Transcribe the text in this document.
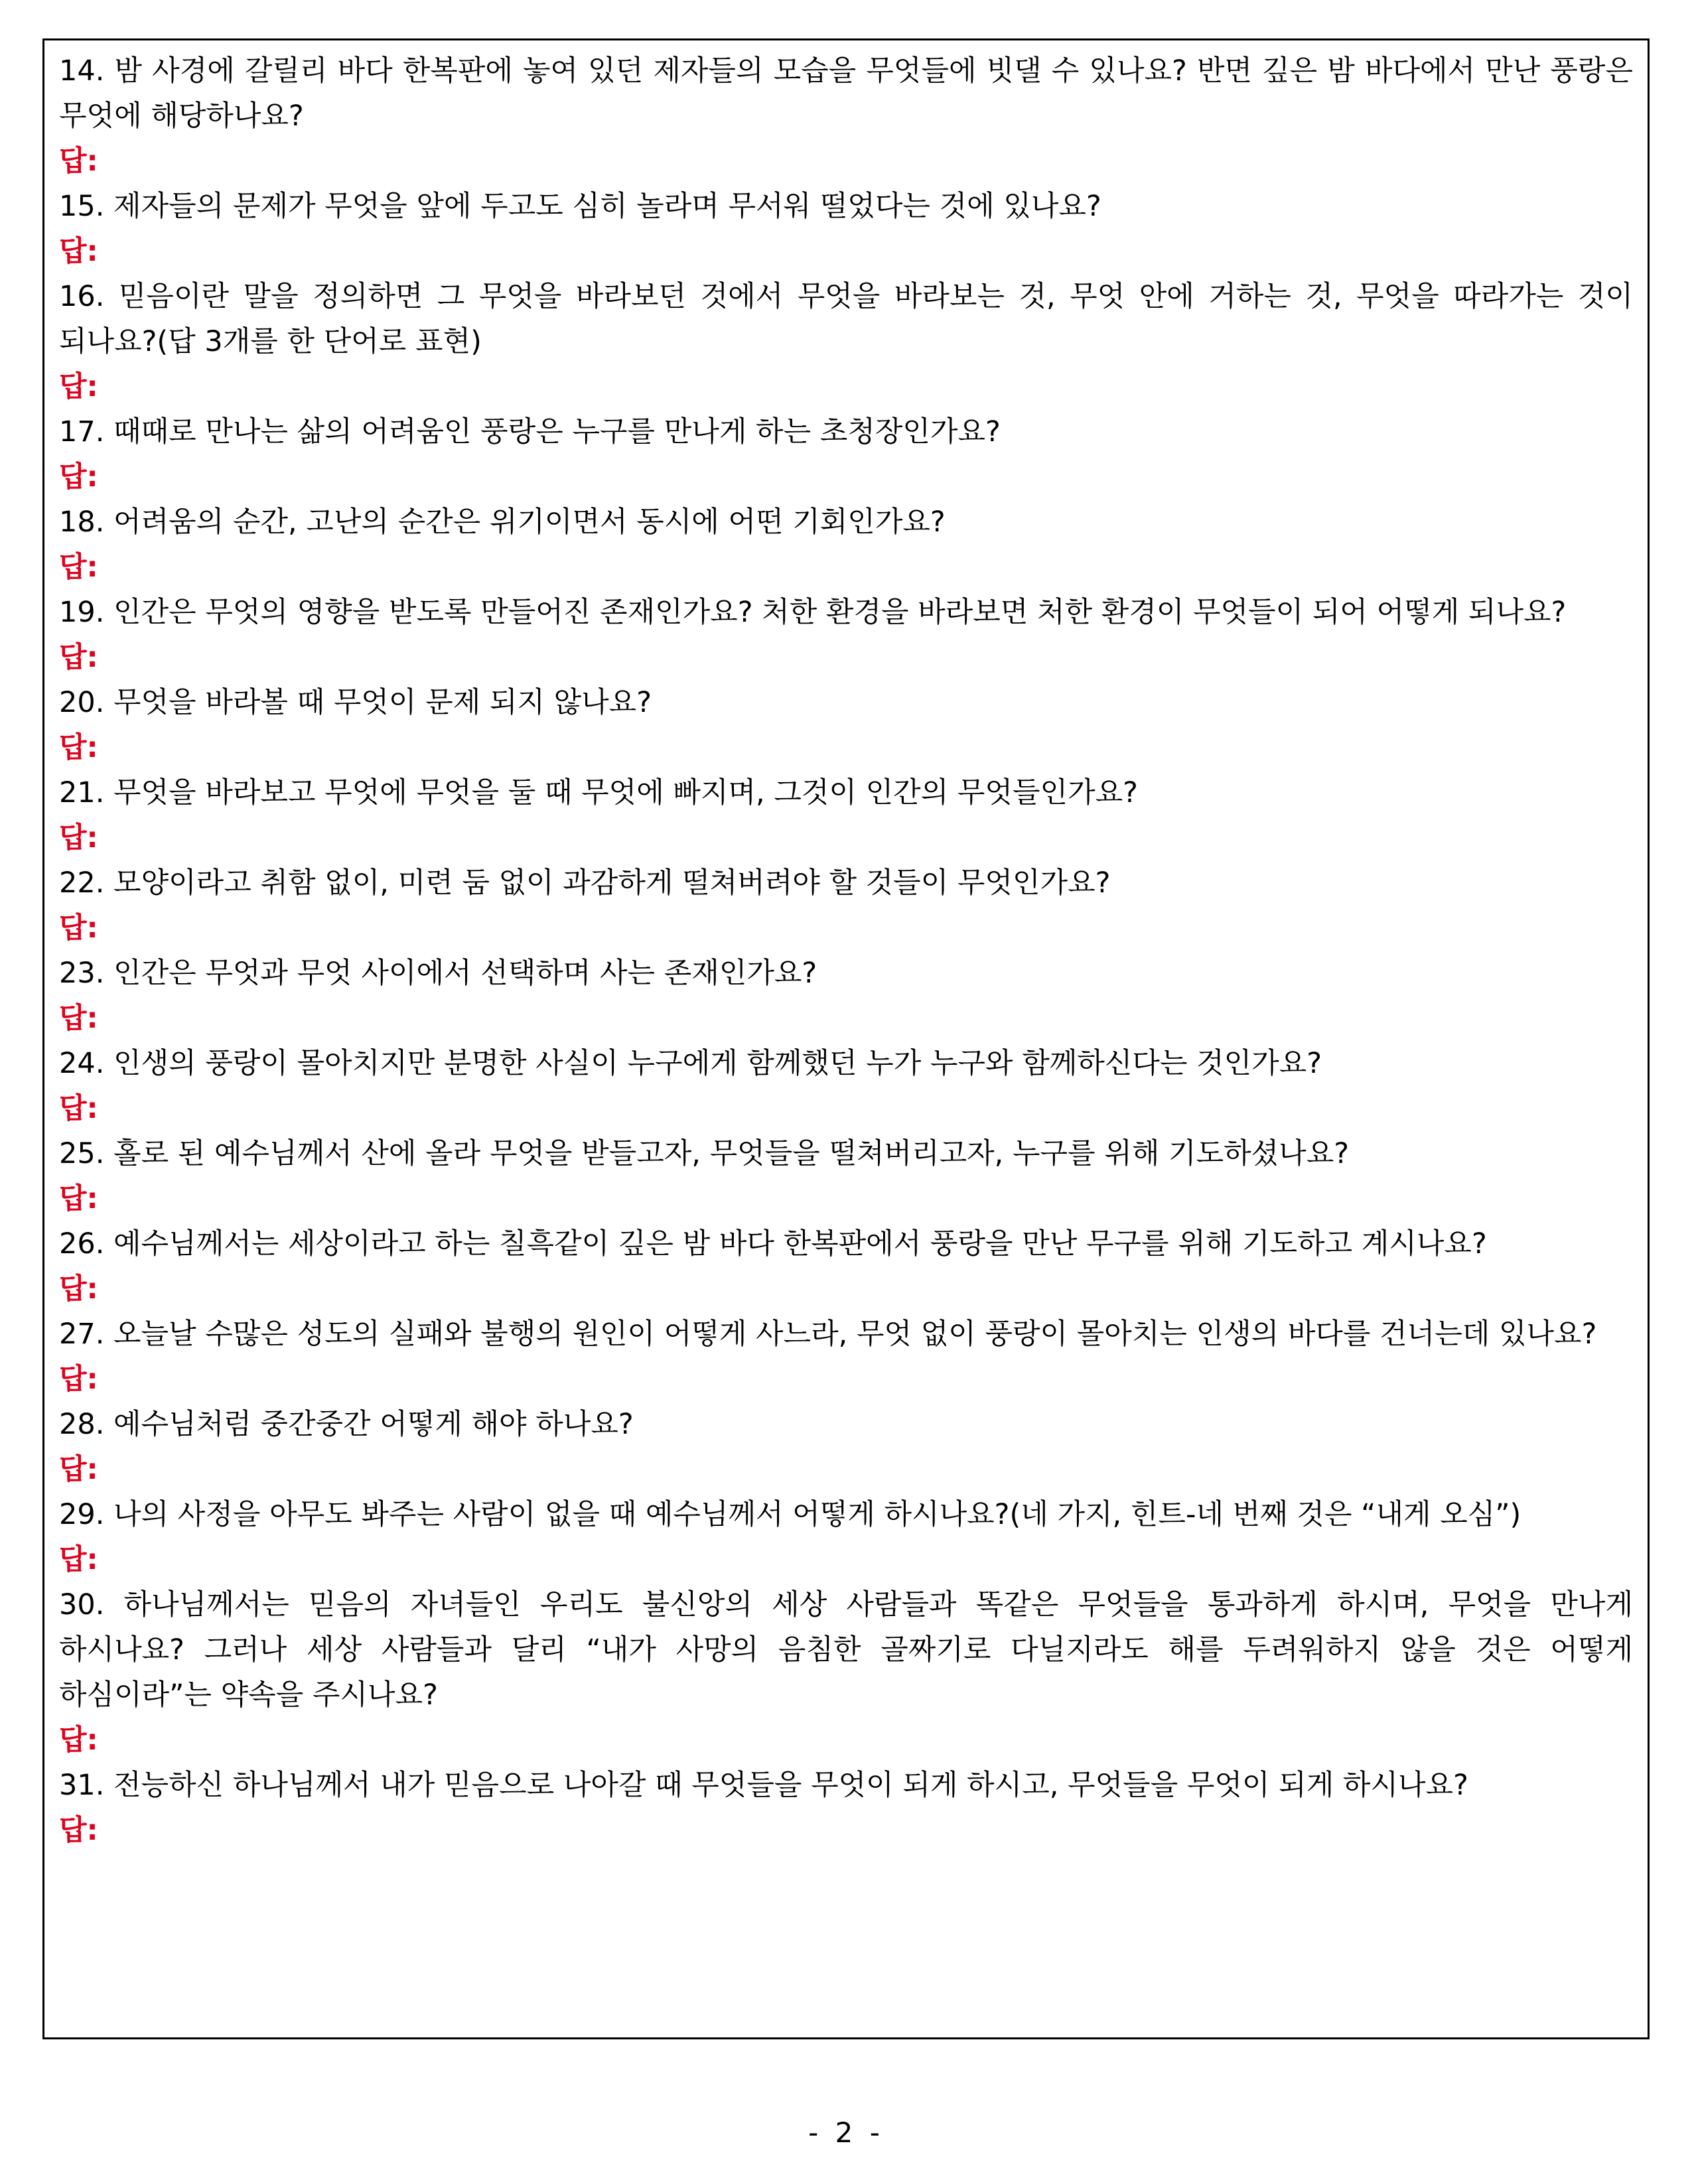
14. 밤 사경에 갈릴리 바다 한복판에 놓여 있던 제자들의 모습을 무엇들에 빗댈 수 있나요? 반면 깊은 밤 바다에서 만난 풍랑은 무엇에 해당하나요?
답:
15. 제자들의 문제가 무엇을 앞에 두고도 심히 놀라며 무서워 떨었다는 것에 있나요?
답:
16. 믿음이란 말을 정의하면 그 무엇을 바라보던 것에서 무엇을 바라보는 것, 무엇 안에 거하는 것, 무엇을 따라가는 것이 되나요?(답 3개를 한 단어로 표현)
답:
17. 때때로 만나는 삶의 어려움인 풍랑은 누구를 만나게 하는 초청장인가요?
답:
18. 어려움의 순간, 고난의 순간은 위기이면서 동시에 어떤 기회인가요?
답:
19. 인간은 무엇의 영향을 받도록 만들어진 존재인가요? 처한 환경을 바라보면 처한 환경이 무엇들이 되어 어떻게 되나요?
답:
20. 무엇을 바라볼 때 무엇이 문제 되지 않나요?
답:
21. 무엇을 바라보고 무엇에 무엇을 둘 때 무엇에 빠지며, 그것이 인간의 무엇들인가요?
답:
22. 모양이라고 취함 없이, 미련 둠 없이 과감하게 떨쳐버려야 할 것들이 무엇인가요?
답:
23. 인간은 무엇과 무엇 사이에서 선택하며 사는 존재인가요?
답:
24. 인생의 풍랑이 몰아치지만 분명한 사실이 누구에게 함께했던 누가 누구와 함께하신다는 것인가요?
답:
25. 홀로 된 예수님께서 산에 올라 무엇을 받들고자, 무엇들을 떨쳐버리고자, 누구를 위해 기도하셨나요?
답:
26. 예수님께서는 세상이라고 하는 칠흑같이 깊은 밤 바다 한복판에서 풍랑을 만난 무구를 위해 기도하고 계시나요?
답:
27. 오늘날 수많은 성도의 실패와 불행의 원인이 어떻게 사느라, 무엇 없이 풍랑이 몰아치는 인생의 바다를 건너는데 있나요?
답:
28. 예수님처럼 중간중간 어떻게 해야 하나요?
답:
29. 나의 사정을 아무도 봐주는 사람이 없을 때 예수님께서 어떻게 하시나요?(네 가지, 힌트-네 번째 것은 “내게 오심”)
답:
30. 하나님께서는 믿음의 자녀들인 우리도 불신앙의 세상 사람들과 똑같은 무엇들을 통과하게 하시며, 무엇을 만나게 하시나요? 그러나 세상 사람들과 달리 “내가 사망의 음침한 골짜기로 다닐지라도 해를 두려워하지 않을 것은 어떻게 하심이라”는 약속을 주시나요?
답:
31. 전능하신 하나님께서 내가 믿음으로 나아갈 때 무엇들을 무엇이 되게 하시고, 무엇들을 무엇이 되게 하시나요?
답:
- 2 -
